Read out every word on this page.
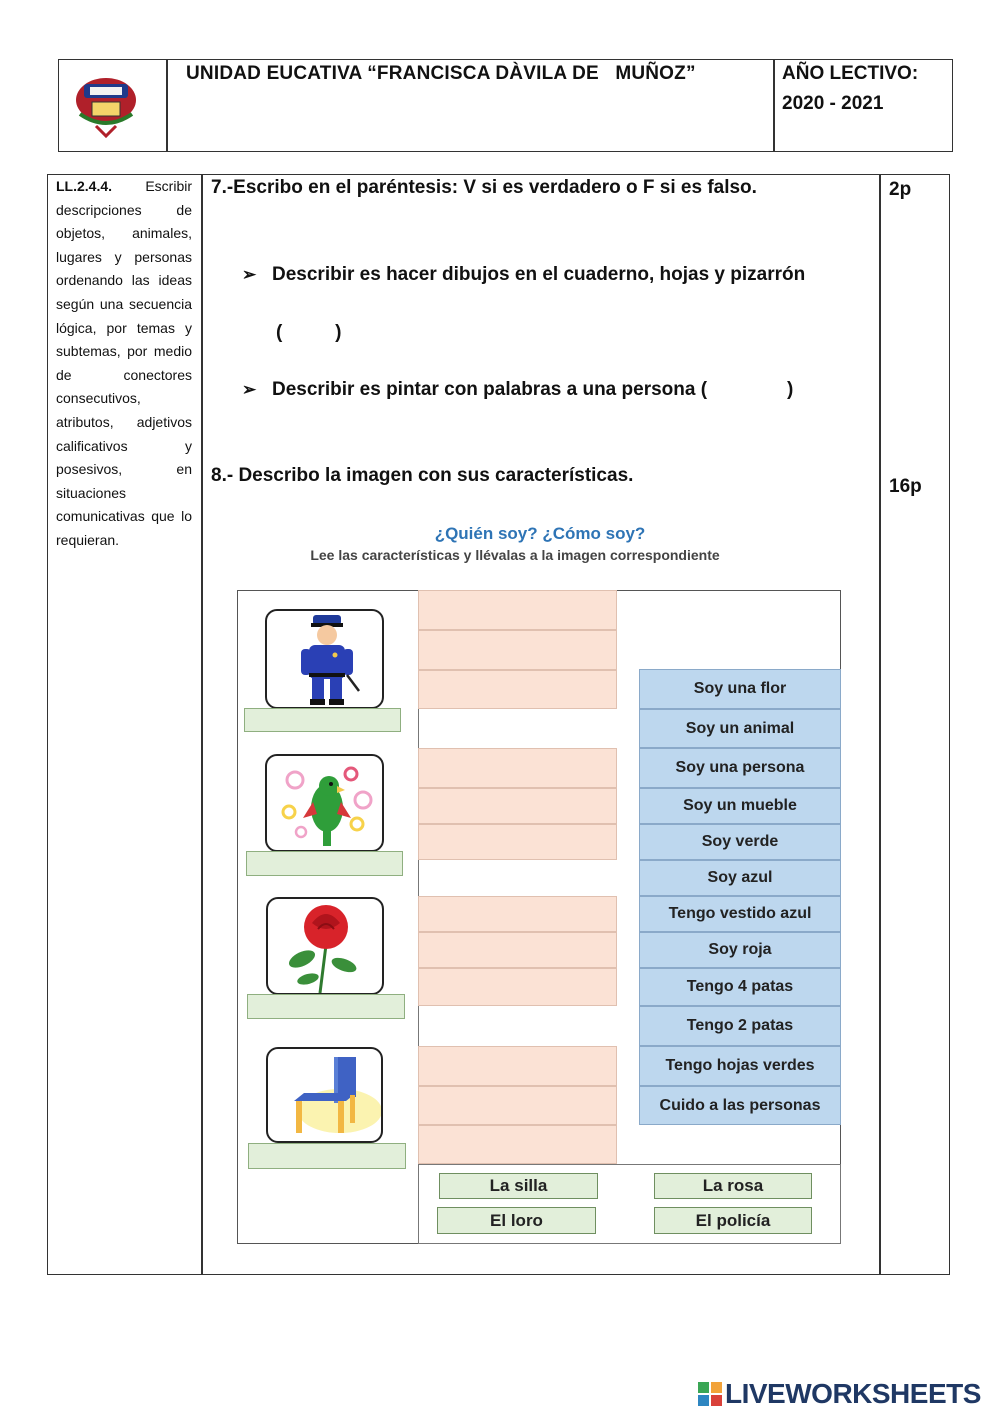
UNIDAD EUCATIVA “FRANCISCA DÀVILA DE   MUÑOZ”	AÑO LECTIVO:
2020 - 2021
LL.2.4.4. Escribir descripciones de objetos, animales, lugares y personas ordenando las ideas según una secuencia lógica, por temas y subtemas, por medio de conectores consecutivos, atributos, adjetivos calificativos y posesivos, en situaciones comunicativas que lo requieran.
7.-Escribo en el paréntesis: V si es verdadero o F si es falso.	2p
➢ Describir es hacer dibujos en el cuaderno, hojas y pizarrón
(          )
➢ Describir es pintar con palabras a una persona (	)
8.- Describo la imagen con sus características.
16p
¿Quién soy? ¿Cómo soy?
Lee las características y llévalas a la imagen correspondiente
Soy una flor
Soy un animal
Soy una persona
Soy un mueble
Soy verde
Soy azul
Tengo vestido azul
Soy roja
Tengo 4 patas
Tengo 2 patas
Tengo hojas verdes
Cuido a las personas
La silla	La rosa
El loro	El policía
LIVEWORKSHEETS
